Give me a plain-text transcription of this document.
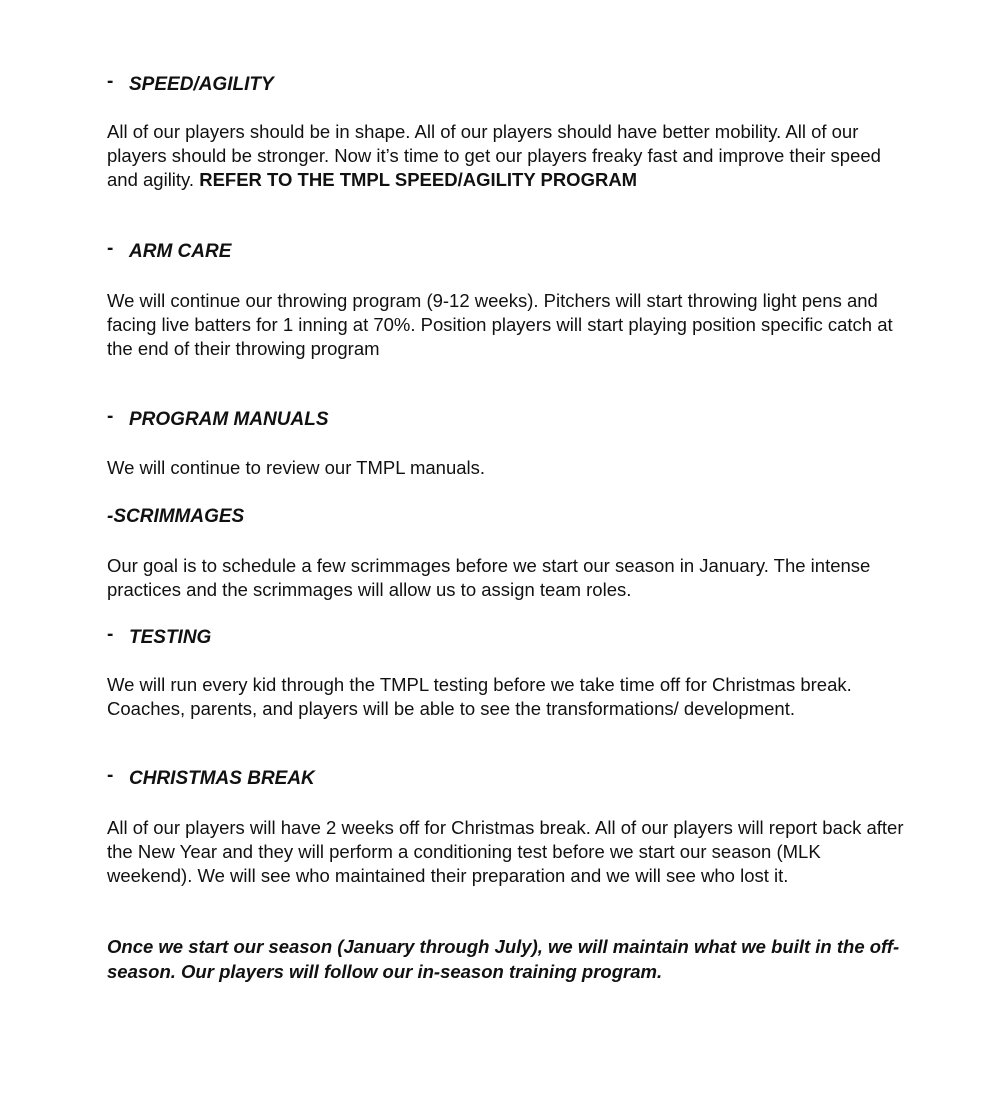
- SPEED/AGILITY

All of our players should be in shape. All of our players should have better mobility. All of our players should be stronger. Now it’s time to get our players freaky fast and improve their speed and agility. REFER TO THE TMPL SPEED/AGILITY PROGRAM

- ARM CARE

We will continue our throwing program (9-12 weeks). Pitchers will start throwing light pens and facing live batters for 1 inning at 70%. Position players will start playing position specific catch at the end of their throwing program

- PROGRAM MANUALS

We will continue to review our TMPL manuals.

-SCRIMMAGES

Our goal is to schedule a few scrimmages before we start our season in January. The intense practices and the scrimmages will allow us to assign team roles.

- TESTING

We will run every kid through the TMPL testing before we take time off for Christmas break. Coaches, parents, and players will be able to see the transformations/ development.

- CHRISTMAS BREAK

All of our players will have 2 weeks off for Christmas break. All of our players will report back after the New Year and they will perform a conditioning test before we start our season (MLK weekend). We will see who maintained their preparation and we will see who lost it.

Once we start our season (January through July), we will maintain what we built in the off-season. Our players will follow our in-season training program.
